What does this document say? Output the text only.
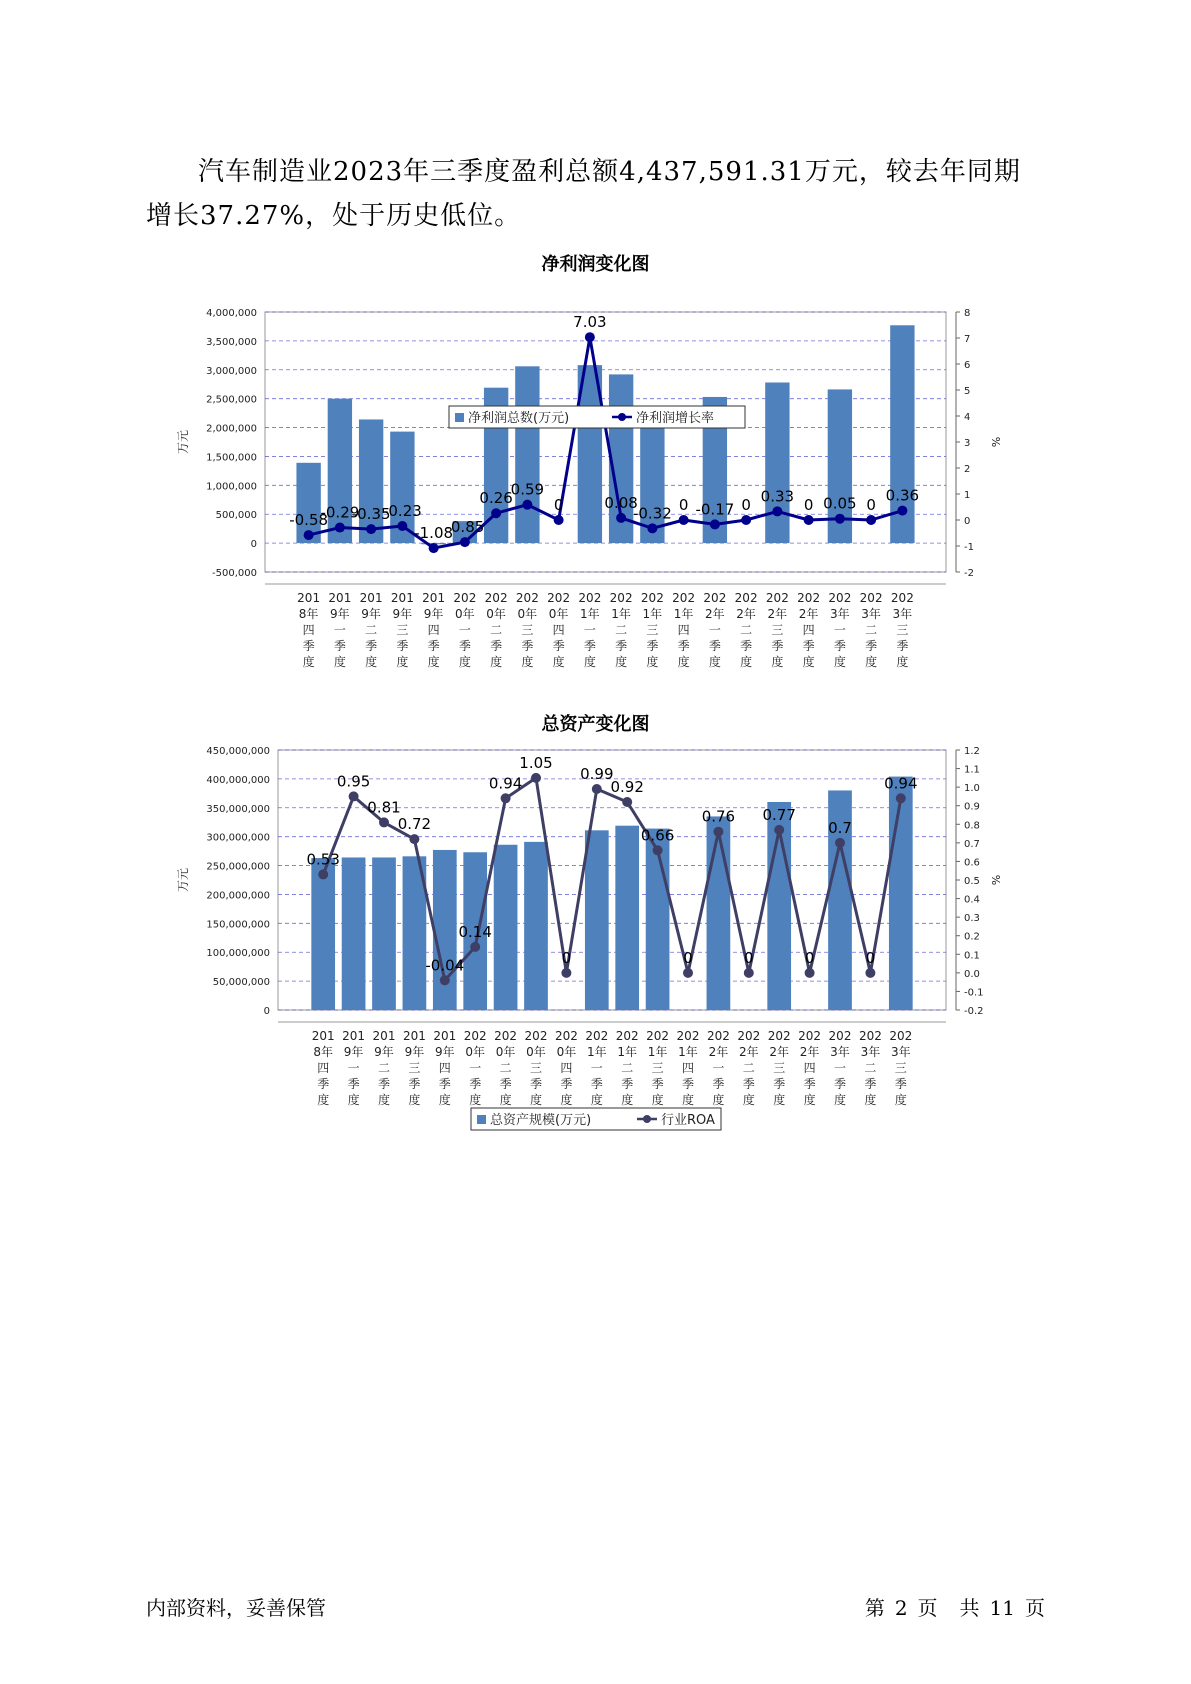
汽车制造业2023年三季度盈利总额4,437,591.31万元，较去年同期增长37.27%，处于历史低位。
净利润变化图
4,000,000
3,500,000
3,000,000
2,500,000
2,000,000
1,500,000
1,000,000
500,000
0
-500,000
8
7
6
5
4
3
2
1
0
-1
-2
万元	%
-0.58
-0.29
-0.35
-0.23
-1.08
-0.85
0.26
0.59
0
7.03
0.08
-0.32 0 -0.17 0 0.33 0 0.05 0
0.36
201
8年
四
季
度
201
9年
一
季
度
201
9年
二
季
度
201
9年
三
季
度
201
9年
四
季
度
202
0年
一
季
度
202
0年
二
季
度
202
0年
三
季
度
202
0年
四
季
度
202
1年
一
季
度
202
1年
二
季
度
202
1年
三
季
度
202
1年
四
季
度
202
2年
一
季
度
202
2年
二
季
度
202
2年
三
季
度
202
2年
四
季
度
202
3年
一
季
度
202
3年
二
季
度
202
3年
三
季
度
净利润总数(万元)	净利润增长率
总资产变化图
450,000,000
400,000,000
350,000,000
300,000,000
250,000,000
200,000,000
150,000,000
100,000,000
50,000,000
0
1.2
1.1
1.0
0.9
0.8
0.7
0.6
0.5
0.4
0.3
0.2
0.1
0.0
-0.1
-0.2
万元	%
0.53
0.95
0.81
0.72
-0.04
0.14
0.94
1.05
0
0.99
0.92
0.66
0
0.76
0
0.77
0
0.7
0
0.94
201
8年
四
季
度
201
9年
一
季
度
201
9年
二
季
度
201
9年
三
季
度
201
9年
四
季
度
202
0年
一
季
度
202
0年
二
季
度
202
0年
三
季
度
202
0年
四
季
度
202
1年
一
季
度
202
1年
二
季
度
202
1年
三
季
度
202
1年
四
季
度
202
2年
一
季
度
202
2年
二
季
度
202
2年
三
季
度
202
2年
四
季
度
202
3年
一
季
度
202
3年
二
季
度
202
3年
三
季
度
总资产规模(万元)	行业ROA
内部资料，妥善保管	第 2 页 共 11 页
